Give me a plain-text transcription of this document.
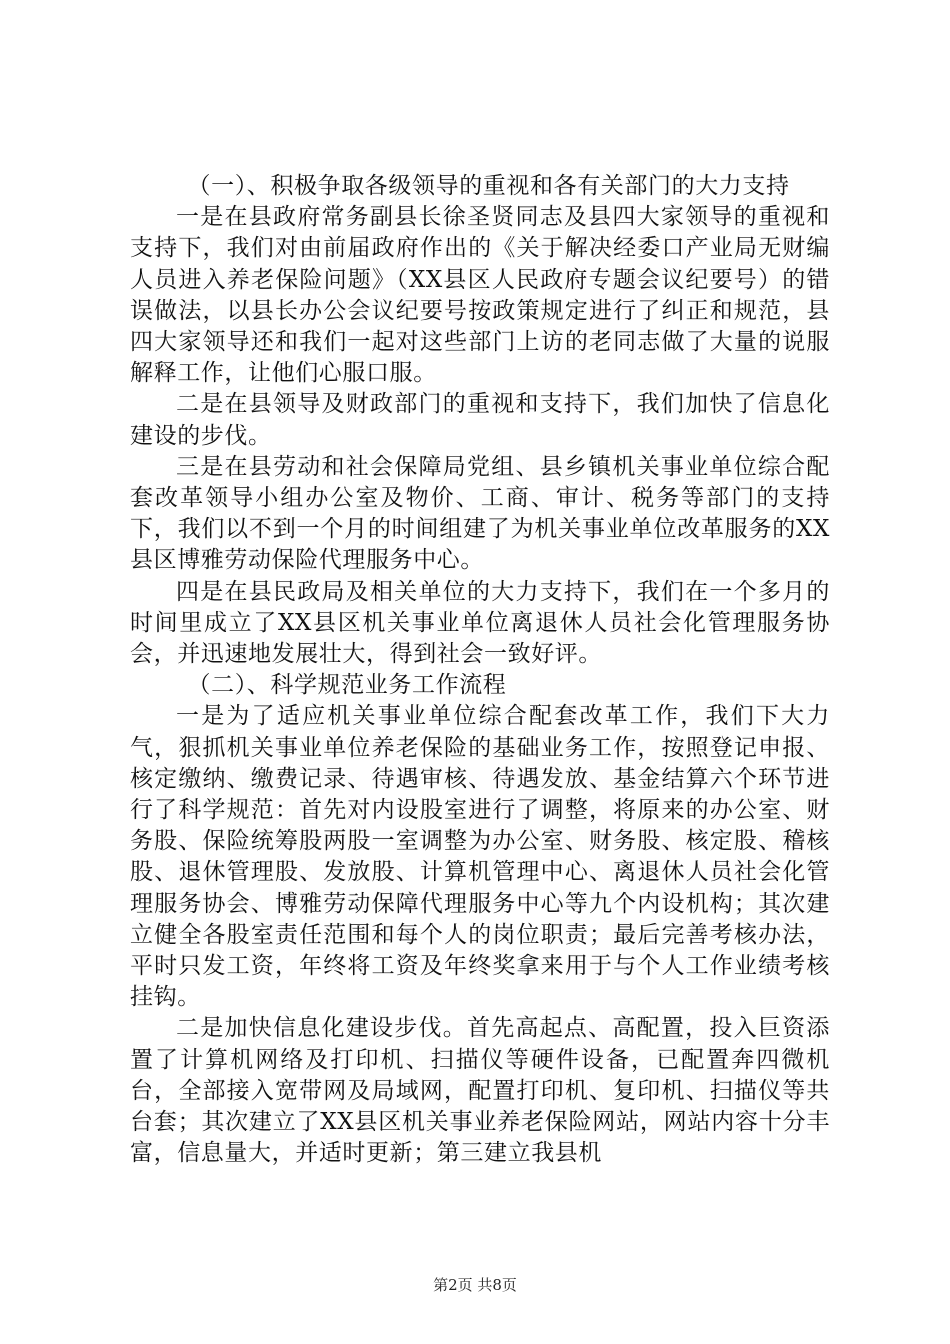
（一）、积极争取各级领导的重视和各有关部门的大力支持

一是在县政府常务副县长徐圣贤同志及县四大家领导的重视和支持下，我们对由前届政府作出的《关于解决经委口产业局无财编人员进入养老保险问题》（XX县区人民政府专题会议纪要号）的错误做法，以县长办公会议纪要号按政策规定进行了纠正和规范，县四大家领导还和我们一起对这些部门上访的老同志做了大量的说服解释工作，让他们心服口服。

二是在县领导及财政部门的重视和支持下，我们加快了信息化建设的步伐。

三是在县劳动和社会保障局党组、县乡镇机关事业单位综合配套改革领导小组办公室及物价、工商、审计、税务等部门的支持下，我们以不到一个月的时间组建了为机关事业单位改革服务的XX县区博雅劳动保险代理服务中心。

四是在县民政局及相关单位的大力支持下，我们在一个多月的时间里成立了XX县区机关事业单位离退休人员社会化管理服务协会，并迅速地发展壮大，得到社会一致好评。

（二）、科学规范业务工作流程

一是为了适应机关事业单位综合配套改革工作，我们下大力气，狠抓机关事业单位养老保险的基础业务工作，按照登记申报、核定缴纳、缴费记录、待遇审核、待遇发放、基金结算六个环节进行了科学规范：首先对内设股室进行了调整，将原来的办公室、财务股、保险统筹股两股一室调整为办公室、财务股、核定股、稽核股、退休管理股、发放股、计算机管理中心、离退休人员社会化管理服务协会、博雅劳动保障代理服务中心等九个内设机构；其次建立健全各股室责任范围和每个人的岗位职责；最后完善考核办法，平时只发工资，年终将工资及年终奖拿来用于与个人工作业绩考核挂钩。

二是加快信息化建设步伐。首先高起点、高配置，投入巨资添置了计算机网络及打印机、扫描仪等硬件设备，已配置奔四微机台，全部接入宽带网及局域网，配置打印机、复印机、扫描仪等共台套；其次建立了XX县区机关事业养老保险网站，网站内容十分丰富，信息量大，并适时更新；第三建立我县机

第2页 共8页
